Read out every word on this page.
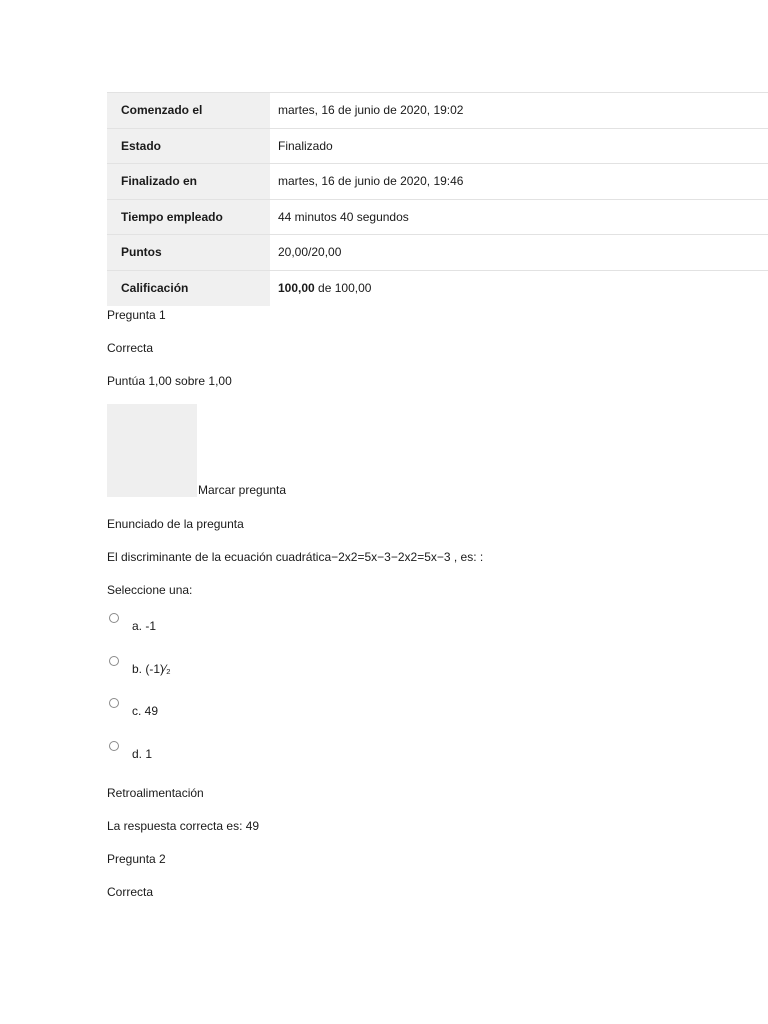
Comenzado el	martes, 16 de junio de 2020, 19:02
Estado	Finalizado
Finalizado en	martes, 16 de junio de 2020, 19:46
Tiempo empleado	44 minutos 40 segundos
Puntos	20,00/20,00
Calificación	100,00 de 100,00
Pregunta 1
Correcta
Puntúa 1,00 sobre 1,00
Marcar pregunta
Enunciado de la pregunta
El discriminante de la ecuación cuadrática−2x2=5x−3−2x2=5x−3 , es: :
Seleccione una:
a. -1
b. (-1)⁄₂
c. 49
d. 1
Retroalimentación
La respuesta correcta es: 49
Pregunta 2
Correcta
